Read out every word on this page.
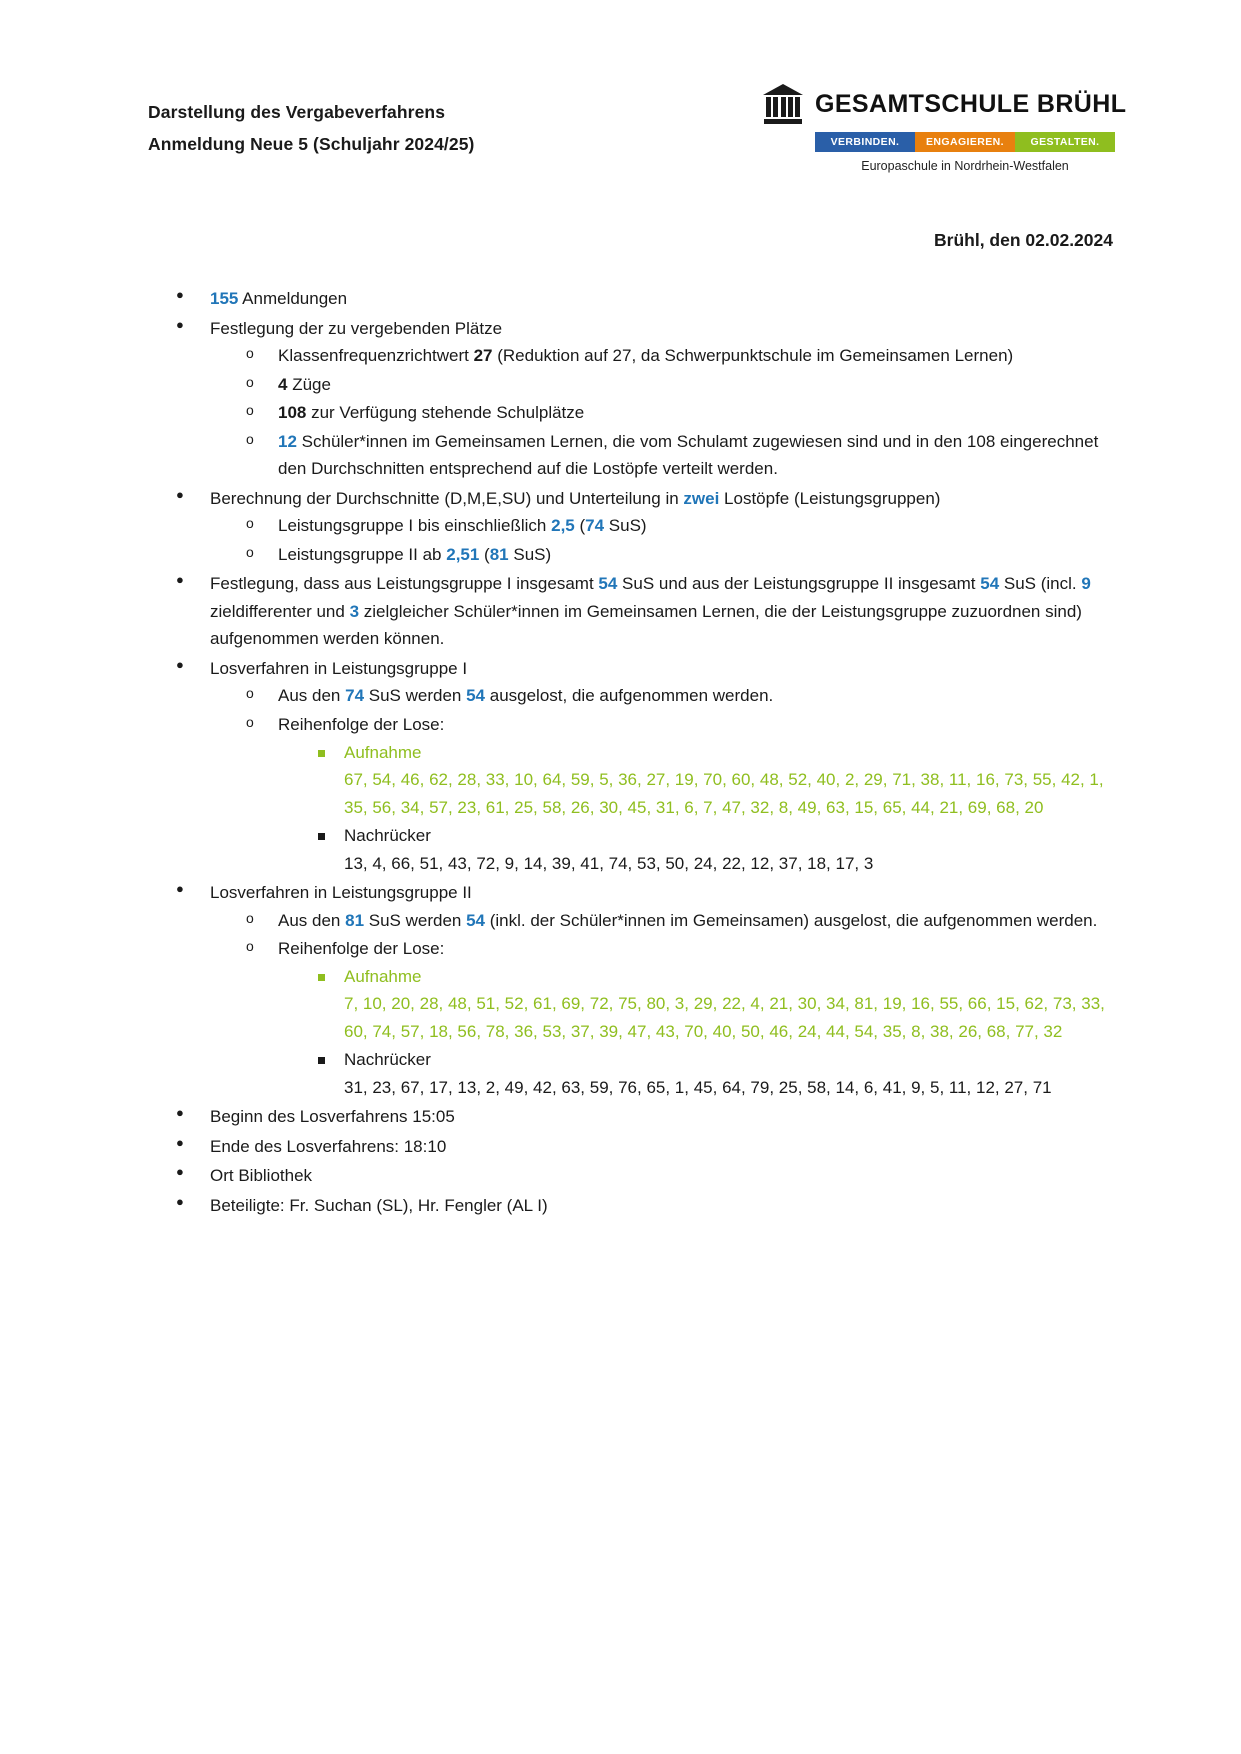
Darstellung des Vergabeverfahrens
Anmeldung Neue 5 (Schuljahr 2024/25)
GESAMTSCHULE BRÜHL
VERBINDEN.	ENGAGIEREN.	GESTALTEN.
Europaschule in Nordrhein-Westfalen
Brühl, den 02.02.2024
● 155 Anmeldungen
● Festlegung der zu vergebenden Plätze
o Klassenfrequenzrichtwert 27 (Reduktion auf 27, da Schwerpunktschule im Gemeinsamen Lernen)
o 4 Züge
o 108 zur Verfügung stehende Schulplätze
o 12 Schüler*innen im Gemeinsamen Lernen, die vom Schulamt zugewiesen sind und in den 108 eingerechnet den Durchschnitten entsprechend auf die Lostöpfe verteilt werden.
● Berechnung der Durchschnitte (D,M,E,SU) und Unterteilung in zwei Lostöpfe (Leistungsgruppen)
o Leistungsgruppe I bis einschließlich 2,5 (74 SuS)
o Leistungsgruppe II ab 2,51 (81 SuS)
● Festlegung, dass aus Leistungsgruppe I insgesamt 54 SuS und aus der Leistungsgruppe II insgesamt 54 SuS (incl. 9 zieldifferenter und 3 zielgleicher Schüler*innen im Gemeinsamen Lernen, die der Leistungsgruppe zuzuordnen sind) aufgenommen werden können.
● Losverfahren in Leistungsgruppe I
o Aus den 74 SuS werden 54 ausgelost, die aufgenommen werden.
o Reihenfolge der Lose:
Aufnahme
67, 54, 46, 62, 28, 33, 10, 64, 59, 5, 36, 27, 19, 70, 60, 48, 52, 40, 2, 29, 71, 38, 11, 16, 73, 55, 42, 1, 35, 56, 34, 57, 23, 61, 25, 58, 26, 30, 45, 31, 6, 7, 47, 32, 8, 49, 63, 15, 65, 44, 21, 69, 68, 20
Nachrücker
13, 4, 66, 51, 43, 72, 9, 14, 39, 41, 74, 53, 50, 24, 22, 12, 37, 18, 17, 3
● Losverfahren in Leistungsgruppe II
o Aus den 81 SuS werden 54 (inkl. der Schüler*innen im Gemeinsamen) ausgelost, die aufgenommen werden.
o Reihenfolge der Lose:
Aufnahme
7, 10, 20, 28, 48, 51, 52, 61, 69, 72, 75, 80, 3, 29, 22, 4, 21, 30, 34, 81, 19, 16, 55, 66, 15, 62, 73, 33, 60, 74, 57, 18, 56, 78, 36, 53, 37, 39, 47, 43, 70, 40, 50, 46, 24, 44, 54, 35, 8, 38, 26, 68, 77, 32
Nachrücker
31, 23, 67, 17, 13, 2, 49, 42, 63, 59, 76, 65, 1, 45, 64, 79, 25, 58, 14, 6, 41, 9, 5, 11, 12, 27, 71
● Beginn des Losverfahrens 15:05
● Ende des Losverfahrens: 18:10
● Ort Bibliothek
● Beteiligte: Fr. Suchan (SL), Hr. Fengler (AL I)
